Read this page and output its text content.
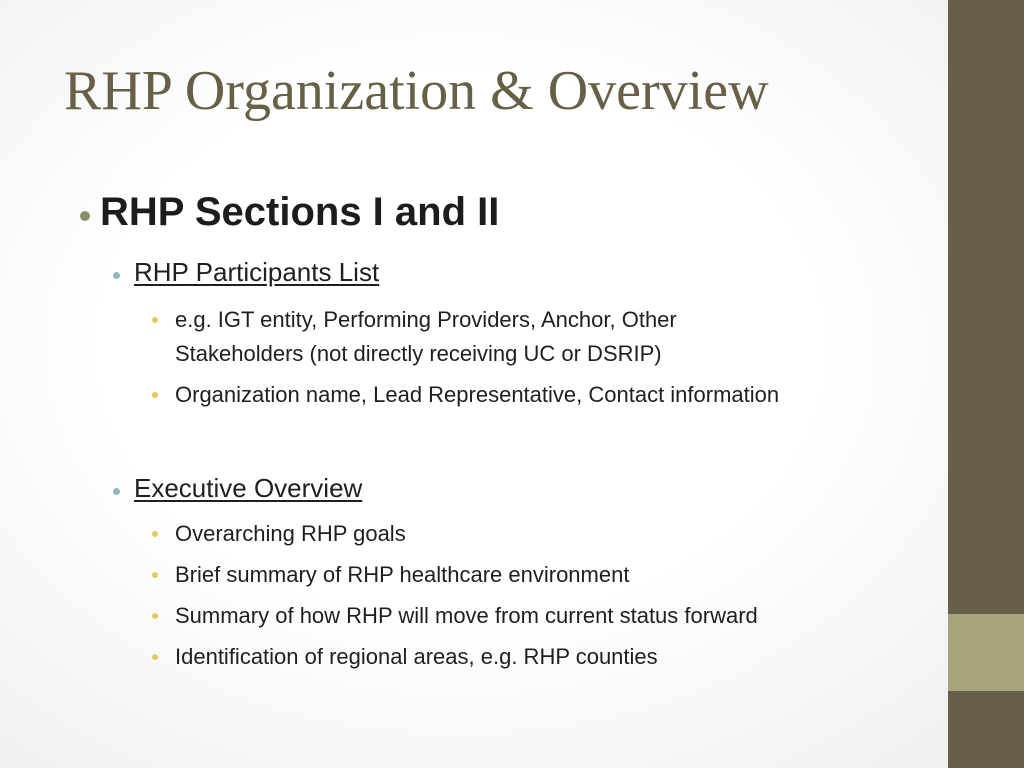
RHP Organization & Overview
RHP Sections I and II
RHP Participants List
e.g. IGT entity, Performing Providers, Anchor, Other
Stakeholders (not directly receiving UC or DSRIP)
Organization name, Lead Representative, Contact information
Executive Overview
Overarching RHP goals
Brief summary of RHP healthcare environment
Summary of how RHP will move from current status forward
Identification of regional areas, e.g. RHP counties
